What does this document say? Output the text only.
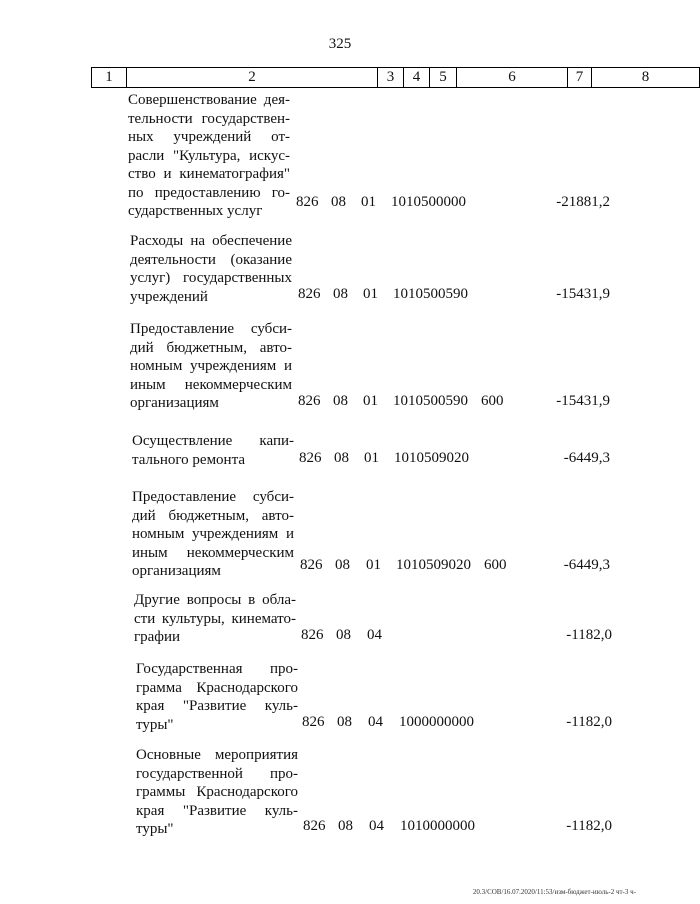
325
1	2	3	4	5	6	7	8
Совершенствование дея-
тельности государствен-
ных учреждений от-
расли "Культура, искус-
ство и кинематография"
по предоставлению го-
сударственных услуг
826 08 01 1010500000	-21881,2
Расходы на обеспечение
деятельности (оказание
услуг) государственных
учреждений	826 08 01 1010500590	-15431,9
Предоставление субси-
дий бюджетным, авто-
номным учреждениям и
иным некоммерческим
организациям	826 08 01 1010500590 600	-15431,9
Осуществление капи-
тального ремонта	826 08 01 1010509020	-6449,3
Предоставление субси-
дий бюджетным, авто-
номным учреждениям и
иным некоммерческим
организациям	826 08 01 1010509020 600	-6449,3
Другие вопросы в обла-
сти культуры, кинемато-
графии	826 08 04	-1182,0
Государственная про-
грамма Краснодарского
края "Развитие куль-
туры"	826 08 04 1000000000	-1182,0
Основные мероприятия
государственной про-
граммы Краснодарского
края "Развитие куль-
туры"	826 08 04 1010000000	-1182,0
20.3/СОВ/16.07.2020/11:53/изм-бюджет-июль-2 чт-3 ч-
